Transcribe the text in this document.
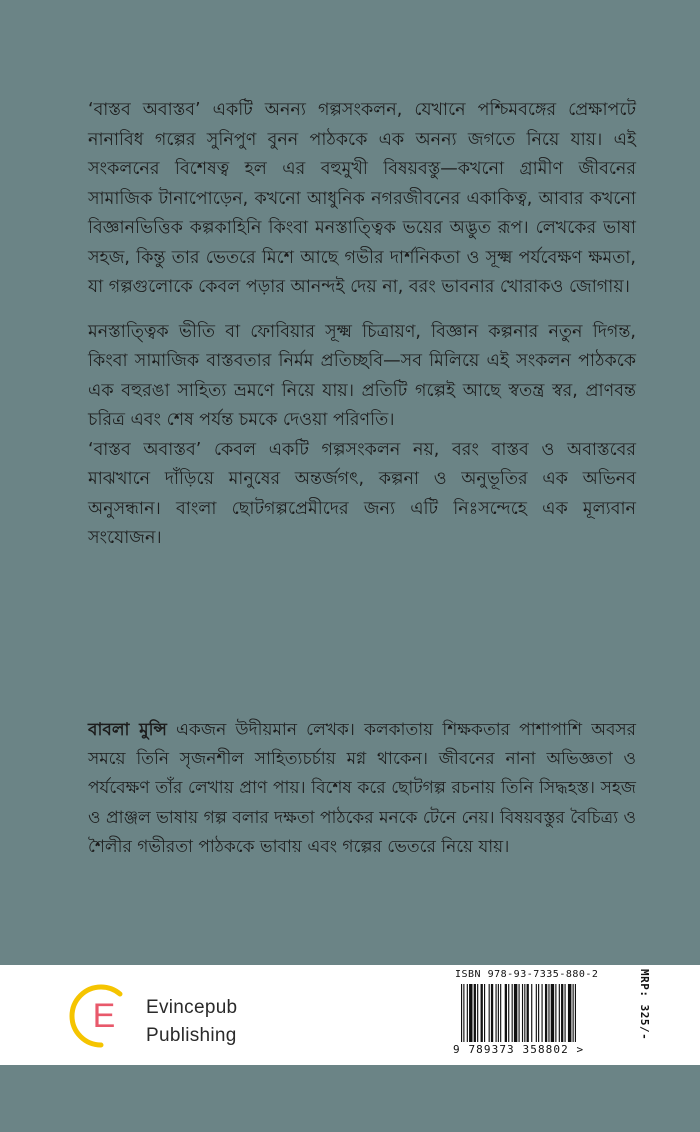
‘বাস্তব অবাস্তব’ একটি অনন্য গল্পসংকলন, যেখানে পশ্চিমবঙ্গের প্রেক্ষাপটে নানাবিধ গল্পের সুনিপুণ বুনন পাঠককে এক অনন্য জগতে নিয়ে যায়। এই সংকলনের বিশেষত্ব হল এর বহুমুখী বিষয়বস্তু—কখনো গ্রামীণ জীবনের সামাজিক টানাপোড়েন, কখনো আধুনিক নগরজীবনের একাকিত্ব, আবার কখনো বিজ্ঞানভিত্তিক কল্পকাহিনি কিংবা মনস্তাত্ত্বিক ভয়ের অদ্ভুত রূপ। লেখকের ভাষা সহজ, কিন্তু তার ভেতরে মিশে আছে গভীর দার্শনিকতা ও সূক্ষ্ম পর্যবেক্ষণ ক্ষমতা, যা গল্পগুলোকে কেবল পড়ার আনন্দই দেয় না, বরং ভাবনার খোরাকও জোগায়।

মনস্তাত্ত্বিক ভীতি বা ফোবিয়ার সূক্ষ্ম চিত্রায়ণ, বিজ্ঞান কল্পনার নতুন দিগন্ত, কিংবা সামাজিক বাস্তবতার নির্মম প্রতিচ্ছবি—সব মিলিয়ে এই সংকলন পাঠককে এক বহুরঙা সাহিত্য ভ্রমণে নিয়ে যায়। প্রতিটি গল্পেই আছে স্বতন্ত্র স্বর, প্রাণবন্ত চরিত্র এবং শেষ পর্যন্ত চমকে দেওয়া পরিণতি।

‘বাস্তব অবাস্তব’ কেবল একটি গল্পসংকলন নয়, বরং বাস্তব ও অবাস্তবের মাঝখানে দাঁড়িয়ে মানুষের অন্তর্জগৎ, কল্পনা ও অনুভূতির এক অভিনব অনুসন্ধান। বাংলা ছোটগল্পপ্রেমীদের জন্য এটি নিঃসন্দেহে এক মূল্যবান সংযোজন।

বাবলা মুন্সি একজন উদীয়মান লেখক। কলকাতায় শিক্ষকতার পাশাপাশি অবসর সময়ে তিনি সৃজনশীল সাহিত্যচর্চায় মগ্ন থাকেন। জীবনের নানা অভিজ্ঞতা ও পর্যবেক্ষণ তাঁর লেখায় প্রাণ পায়। বিশেষ করে ছোটগল্প রচনায় তিনি সিদ্ধহস্ত। সহজ ও প্রাঞ্জল ভাষায় গল্প বলার দক্ষতা পাঠকের মনকে টেনে নেয়। বিষয়বস্তুর বৈচিত্র্য ও শৈলীর গভীরতা পাঠককে ভাবায় এবং গল্পের ভেতরে নিয়ে যায়।
E Evincepub
Publishing
ISBN 978-93-7335-880-2
9 789373 358802 >
MRP: 325/-
